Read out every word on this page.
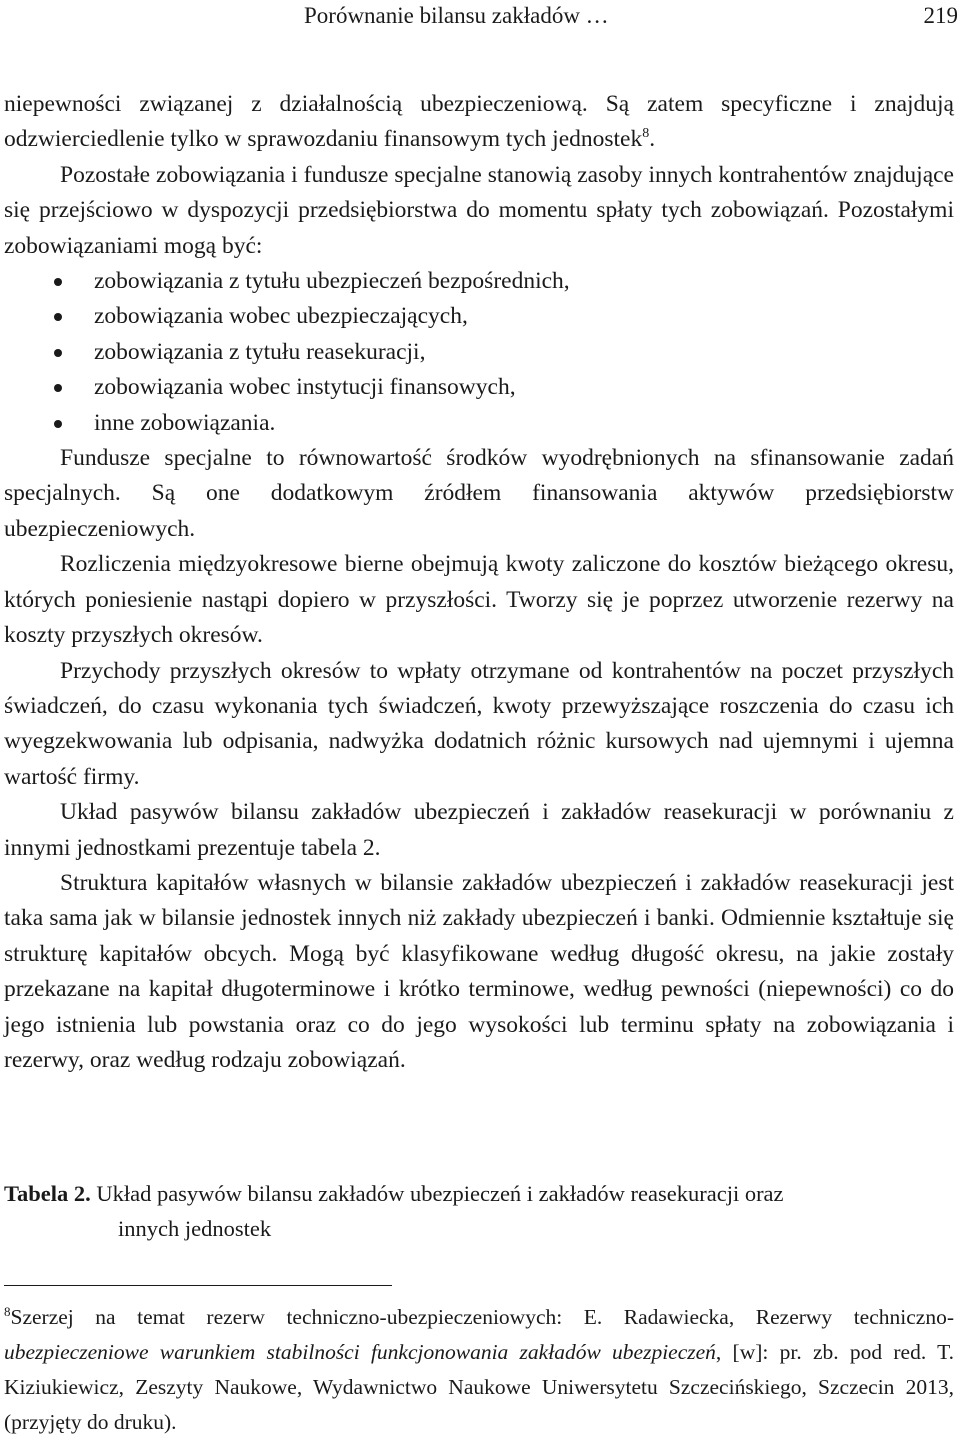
Porównanie bilansu zakładów …	219

niepewności związanej z działalnością ubezpieczeniową. Są zatem specyficzne i znajdują odzwierciedlenie tylko w sprawozdaniu finansowym tych jednostek$^8$.

Pozostałe zobowiązania i fundusze specjalne stanowią zasoby innych kontrahentów znajdujące się przejściowo w dyspozycji przedsiębiorstwa do momentu spłaty tych zobowiązań. Pozostałymi zobowiązaniami mogą być:

zobowiązania z tytułu ubezpieczeń bezpośrednich,
zobowiązania wobec ubezpieczających,
zobowiązania z tytułu reasekuracji,
zobowiązania wobec instytucji finansowych,
inne zobowiązania.

Fundusze specjalne to równowartość środków wyodrębnionych na sfinansowanie zadań specjalnych. Są one dodatkowym źródłem finansowania aktywów przedsiębiorstw ubezpieczeniowych.

Rozliczenia międzyokresowe bierne obejmują kwoty zaliczone do kosztów bieżącego okresu, których poniesienie nastąpi dopiero w przyszłości. Tworzy się je poprzez utworzenie rezerwy na koszty przyszłych okresów.

Przychody przyszłych okresów to wpłaty otrzymane od kontrahentów na poczet przyszłych świadczeń, do czasu wykonania tych świadczeń, kwoty przewyższające roszczenia do czasu ich wyegzekwowania lub odpisania, nadwyżka dodatnich różnic kursowych nad ujemnymi i ujemna wartość firmy.

Układ pasywów bilansu zakładów ubezpieczeń i zakładów reasekuracji w porównaniu z innymi jednostkami prezentuje tabela 2.

Struktura kapitałów własnych w bilansie zakładów ubezpieczeń i zakładów reasekuracji jest taka sama jak w bilansie jednostek innych niż zakłady ubezpieczeń i banki. Odmiennie kształtuje się strukturę kapitałów obcych. Mogą być klasyfikowane według długość okresu, na jakie zostały przekazane na kapitał długoterminowe i krótko terminowe, według pewności (niepewności) co do jego istnienia lub powstania oraz co do jego wysokości lub terminu spłaty na zobowiązania i rezerwy, oraz według rodzaju zobowiązań.

Tabela 2. Układ pasywów bilansu zakładów ubezpieczeń i zakładów reasekuracji oraz
innych jednostek
$^8$Szerzej na temat rezerw techniczno-ubezpieczeniowych: E. Radawiecka, Rezerwy techniczno-ubezpieczeniowe warunkiem stabilności funkcjonowania zakładów ubezpieczeń, [w]: pr. zb. pod red. T. Kiziukiewicz, Zeszyty Naukowe, Wydawnictwo Naukowe Uniwersytetu Szczecińskiego, Szczecin 2013, (przyjęty do druku).
